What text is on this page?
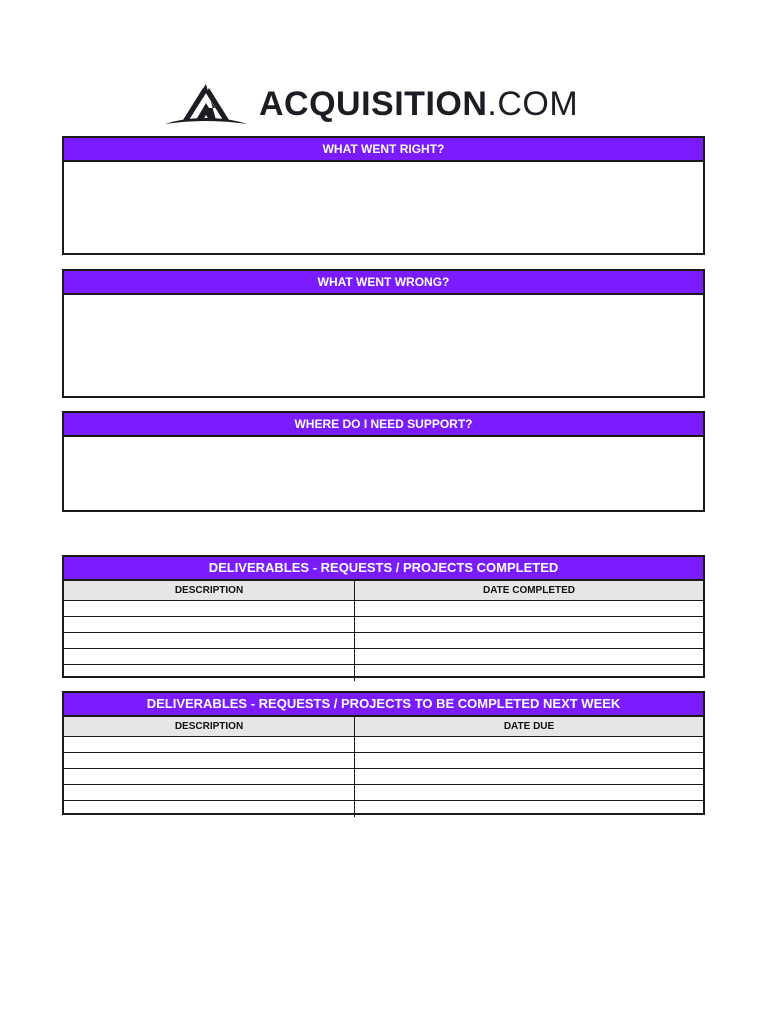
ACQUISITION.COM
WHAT WENT RIGHT?
WHAT WENT WRONG?
WHERE DO I NEED SUPPORT?
DELIVERABLES - REQUESTS / PROJECTS COMPLETED
DESCRIPTION	DATE COMPLETED
DELIVERABLES - REQUESTS / PROJECTS TO BE COMPLETED NEXT WEEK
DESCRIPTION	DATE DUE
